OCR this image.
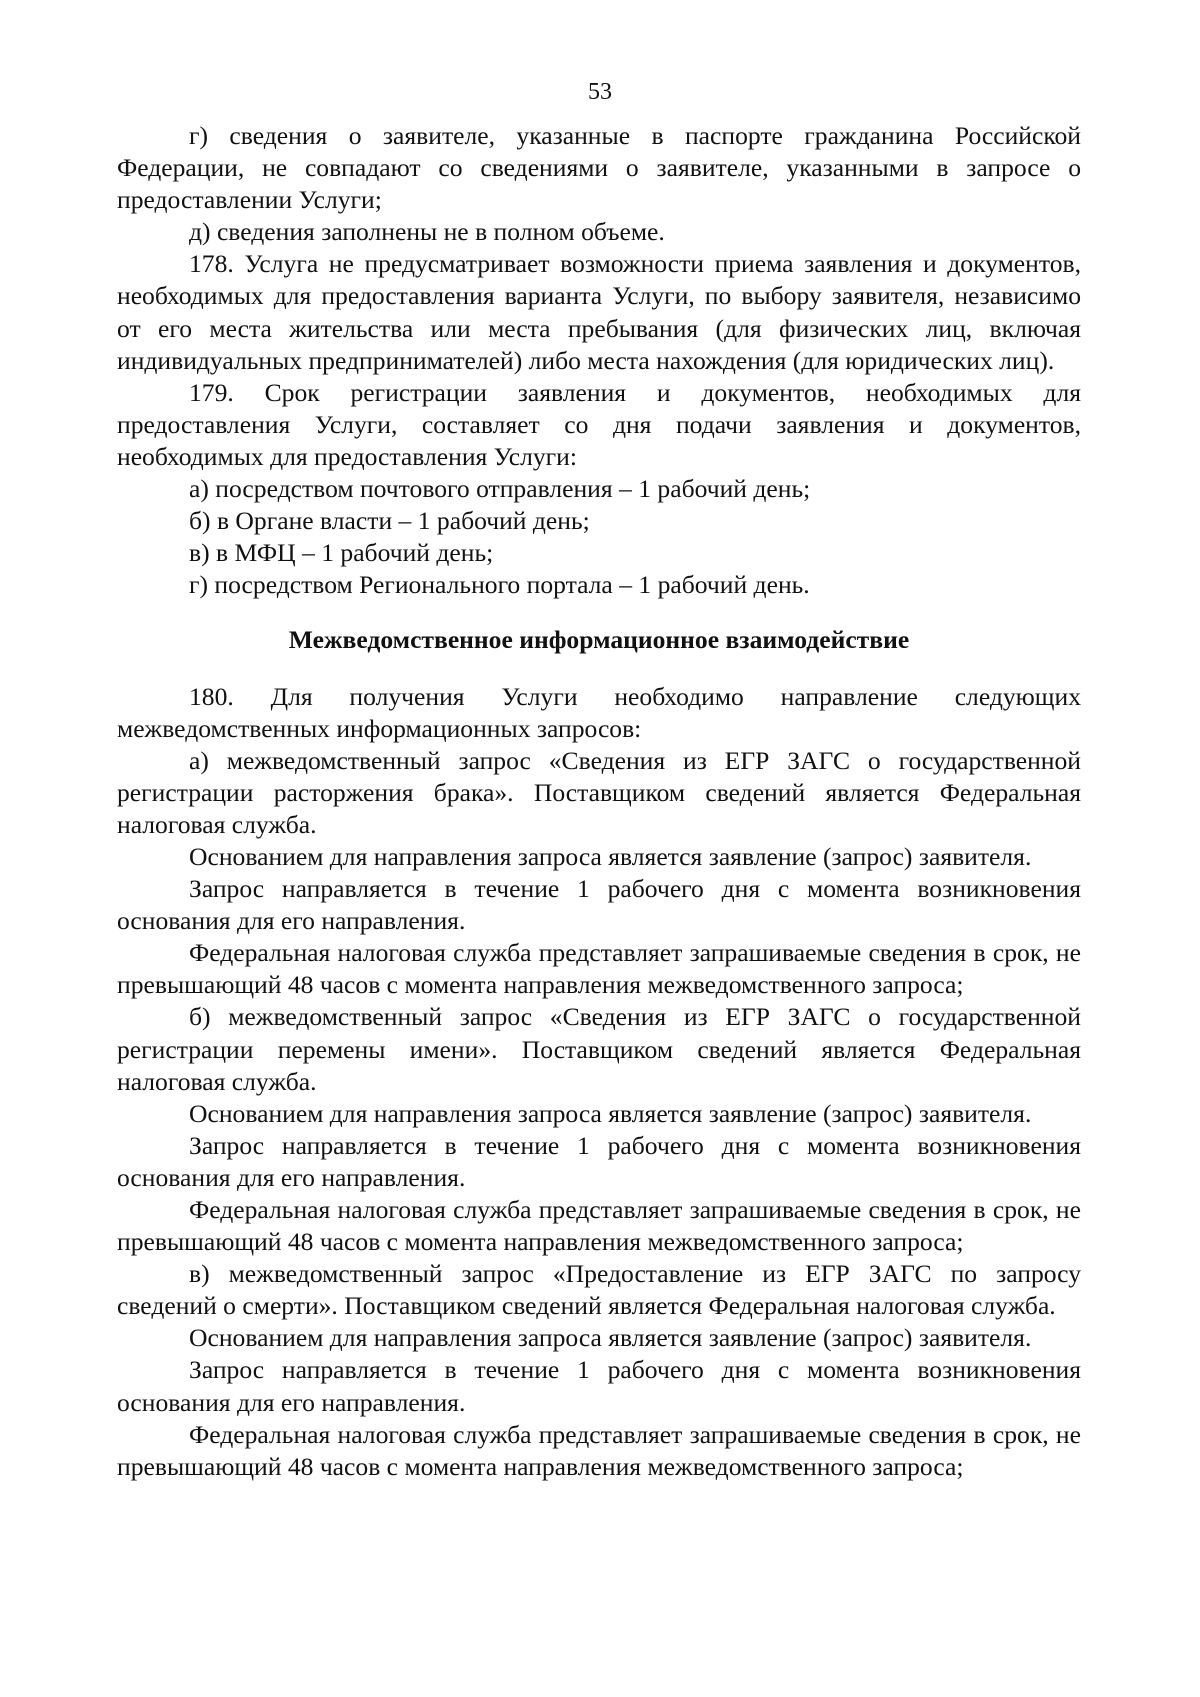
53

г) сведения о заявителе, указанные в паспорте гражданина Российской Федерации, не совпадают со сведениями о заявителе, указанными в запросе о предоставлении Услуги;

д) сведения заполнены не в полном объеме.

178. Услуга не предусматривает возможности приема заявления и документов, необходимых для предоставления варианта Услуги, по выбору заявителя, независимо от его места жительства или места пребывания (для физических лиц, включая индивидуальных предпринимателей) либо места нахождения (для юридических лиц).

179. Срок регистрации заявления и документов, необходимых для предоставления Услуги, составляет со дня подачи заявления и документов, необходимых для предоставления Услуги:

а) посредством почтового отправления – 1 рабочий день;

б) в Органе власти – 1 рабочий день;

в) в МФЦ – 1 рабочий день;

г) посредством Регионального портала – 1 рабочий день.

Межведомственное информационное взаимодействие

180. Для получения Услуги необходимо направление следующих межведомственных информационных запросов:

а) межведомственный запрос «Сведения из ЕГР ЗАГС о государственной регистрации расторжения брака». Поставщиком сведений является Федеральная налоговая служба.

Основанием для направления запроса является заявление (запрос) заявителя.

Запрос направляется в течение 1 рабочего дня с момента возникновения основания для его направления.

Федеральная налоговая служба представляет запрашиваемые сведения в срок, не превышающий 48 часов с момента направления межведомственного запроса;

б) межведомственный запрос «Сведения из ЕГР ЗАГС о государственной регистрации перемены имени». Поставщиком сведений является Федеральная налоговая служба.

Основанием для направления запроса является заявление (запрос) заявителя.

Запрос направляется в течение 1 рабочего дня с момента возникновения основания для его направления.

Федеральная налоговая служба представляет запрашиваемые сведения в срок, не превышающий 48 часов с момента направления межведомственного запроса;

в) межведомственный запрос «Предоставление из ЕГР ЗАГС по запросу сведений о смерти». Поставщиком сведений является Федеральная налоговая служба.

Основанием для направления запроса является заявление (запрос) заявителя.

Запрос направляется в течение 1 рабочего дня с момента возникновения основания для его направления.

Федеральная налоговая служба представляет запрашиваемые сведения в срок, не превышающий 48 часов с момента направления межведомственного запроса;
